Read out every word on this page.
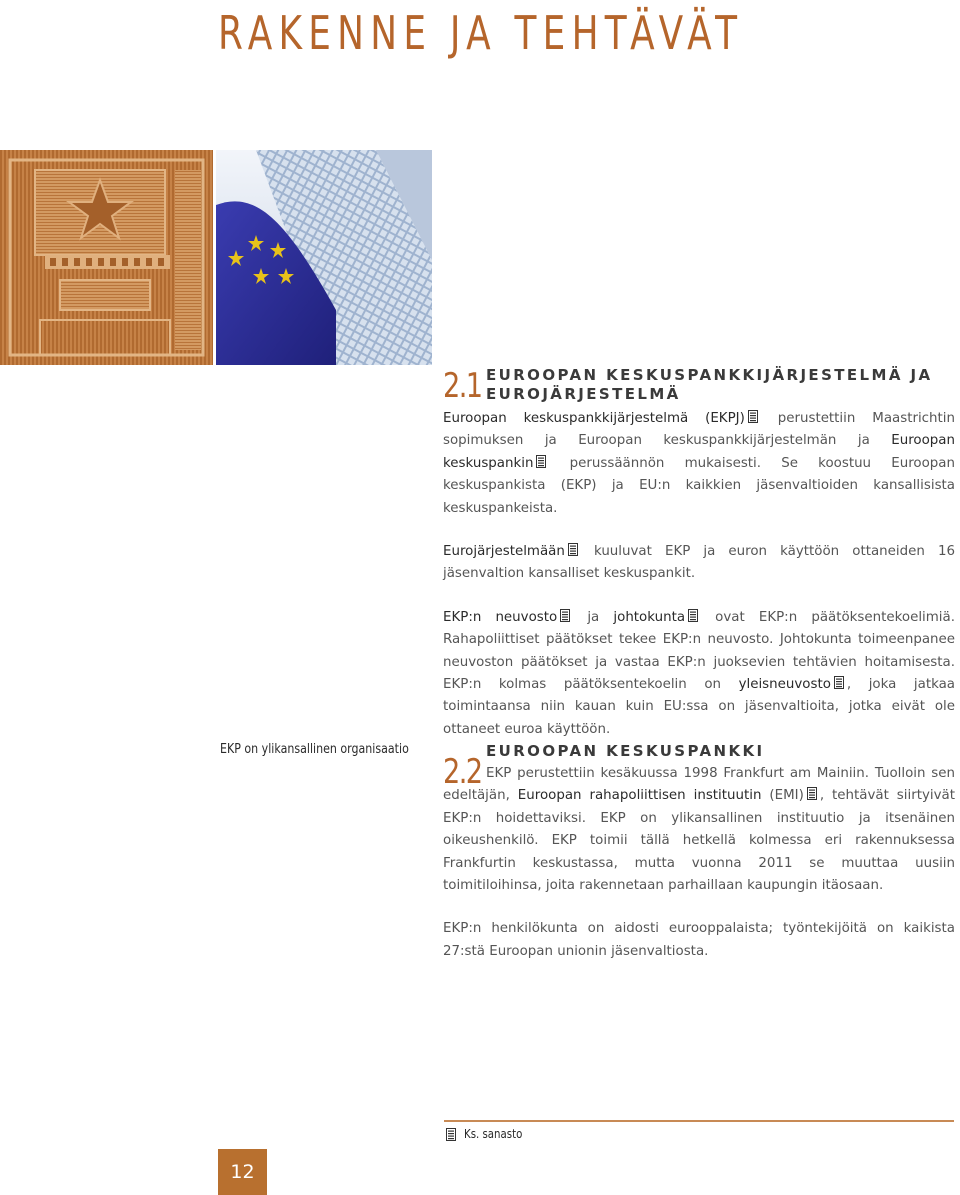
RAKENNE JA TEHTÄVÄT
2.1 EUROOPAN KESKUSPANKKIJÄRJESTELMÄ JA
EUROJÄRJESTELMÄ

Euroopan keskuspankkijärjestelmä (EKPJ) perustettiin Maastrichtin sopimuksen ja Euroopan keskuspankkijärjestelmän ja Euroopan keskuspankin perussäännön mukaisesti. Se koostuu Euroopan keskuspankista (EKP) ja EU:n kaikkien jäsenvaltioiden kansallisista keskuspankeista.

Eurojärjestelmään kuuluvat EKP ja euron käyttöön ottaneiden 16 jäsenvaltion kansalliset keskuspankit.

EKP:n neuvosto ja johtokunta ovat EKP:n päätöksentekoelimiä. Rahapoliittiset päätökset tekee EKP:n neuvosto. Johtokunta toimeenpanee neuvoston päätökset ja vastaa EKP:n juoksevien tehtävien hoitamisesta. EKP:n kolmas päätöksentekoelin on yleisneuvosto , joka jatkaa toimintaansa niin kauan kuin EU:ssa on jäsenvaltioita, jotka eivät ole ottaneet euroa käyttöön.

EKP on ylikansallinen organisaatio
2.2
EUROOPAN KESKUSPANKKI

EKP perustettiin kesäkuussa 1998 Frankfurt am Mainiin. Tuolloin sen edeltäjän, Euroopan rahapoliittisen instituutin (EMI) , tehtävät siirtyivät EKP:n hoidettaviksi. EKP on ylikansallinen instituutio ja itsenäinen oikeushenkilö. EKP toimii tällä hetkellä kolmessa eri rakennuksessa Frankfurtin keskustassa, mutta vuonna 2011 se muuttaa uusiin toimitiloihinsa, joita rakennetaan parhaillaan kaupungin itäosaan.

EKP:n henkilökunta on aidosti eurooppalaista; työntekijöitä on kaikista 27:stä Euroopan unionin jäsenvaltiosta.

Ks. sanasto
12
